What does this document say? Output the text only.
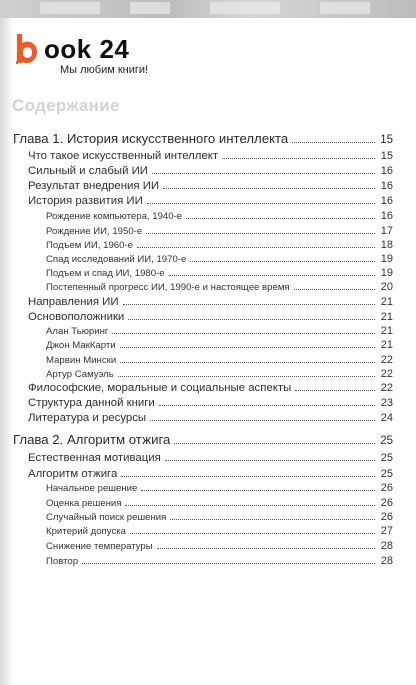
ook 24
Мы любим книги!
Содержание
Глава 1. История искусственного интеллекта	15
Что такое искусственный интеллект	15
Сильный и слабый ИИ	16
Результат внедрения ИИ	16
История развития ИИ	16
Рождение компьютера, 1940-е	16
Рождение ИИ, 1950-е	17
Подъем ИИ, 1960-е	18
Спад исследований ИИ, 1970-е	19
Подъем и спад ИИ, 1980-е	19
Постепенный прогресс ИИ, 1990-е и настоящее время	20
Направления ИИ	21
Основоположники	21
Алан Тьюринг	21
Джон МакКарти	21
Марвин Мински	22
Артур Самуэль	22
Философские, моральные и социальные аспекты	22
Структура данной книги	23
Литература и ресурсы	24
Глава 2. Алгоритм отжига	25
Естественная мотивация	25
Алгоритм отжига	25
Начальное решение	26
Оценка решения	26
Случайный поиск решения	26
Критерий допуска	27
Снижение температуры	28
Повтор	28
